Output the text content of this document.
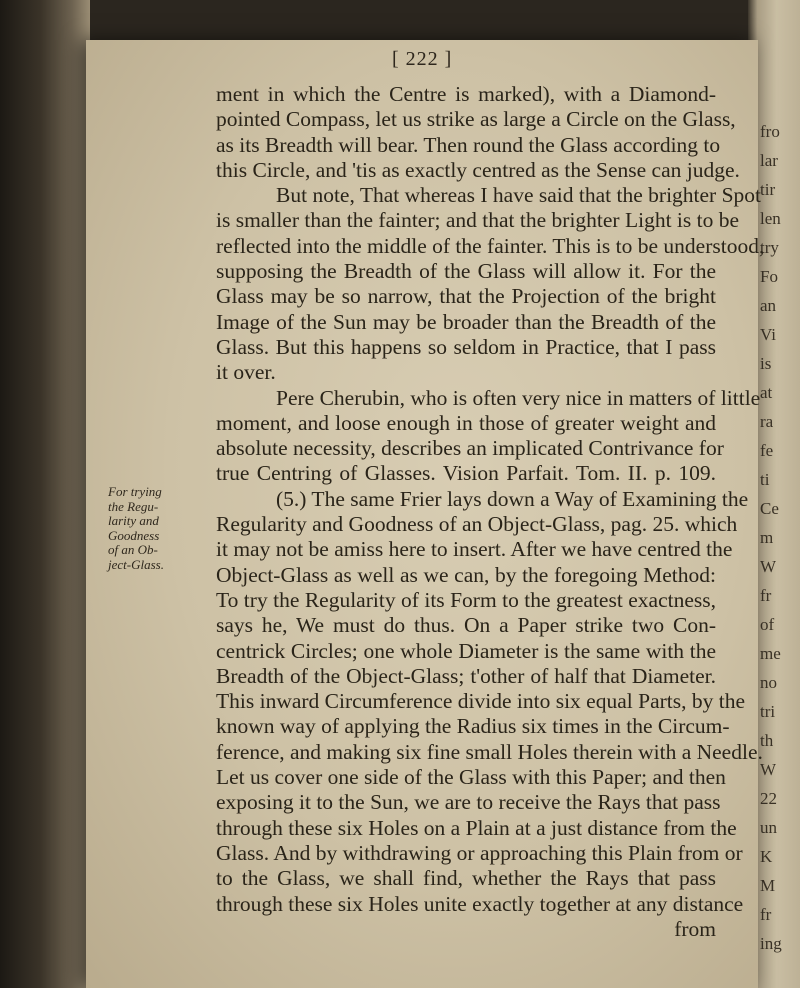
fro
lar
tir
len
try
Fo
an
Vi
is
at
ra
fe
ti
Ce
m
W
fr
of
me
no
tri
th
W
22
un
K
M
fr
ing
[ 222 ]
ment in which the Centre is marked), with a Diamond-
pointed Compass, let us strike as large a Circle on the Glass,
as its Breadth will bear. Then round the Glass according to
this Circle, and 'tis as exactly centred as the Sense can judge.
But note, That whereas I have said that the brighter Spot
is smaller than the fainter; and that the brighter Light is to be
reflected into the middle of the fainter. This is to be understood,
supposing the Breadth of the Glass will allow it. For the
Glass may be so narrow, that the Projection of the bright
Image of the Sun may be broader than the Breadth of the
Glass. But this happens so seldom in Practice, that I pass
it over.
Pere Cherubin, who is often very nice in matters of little
moment, and loose enough in those of greater weight and
absolute necessity, describes an implicated Contrivance for
true Centring of Glasses. Vision Parfait. Tom. II. p. 109.
(5.) The same Frier lays down a Way of Examining the
Regularity and Goodness of an Object-Glass, pag. 25. which
it may not be amiss here to insert. After we have centred the
Object-Glass as well as we can, by the foregoing Method:
To try the Regularity of its Form to the greatest exactness,
says he, We must do thus. On a Paper strike two Con-
centrick Circles; one whole Diameter is the same with the
Breadth of the Object-Glass; t'other of half that Diameter.
This inward Circumference divide into six equal Parts, by the
known way of applying the Radius six times in the Circum-
ference, and making six fine small Holes therein with a Needle.
Let us cover one side of the Glass with this Paper; and then
exposing it to the Sun, we are to receive the Rays that pass
through these six Holes on a Plain at a just distance from the
Glass. And by withdrawing or approaching this Plain from or
to the Glass, we shall find, whether the Rays that pass
through these six Holes unite exactly together at any distance
from
For trying
the Regu-
larity and
Goodness
of an Ob-
ject-Glass.
